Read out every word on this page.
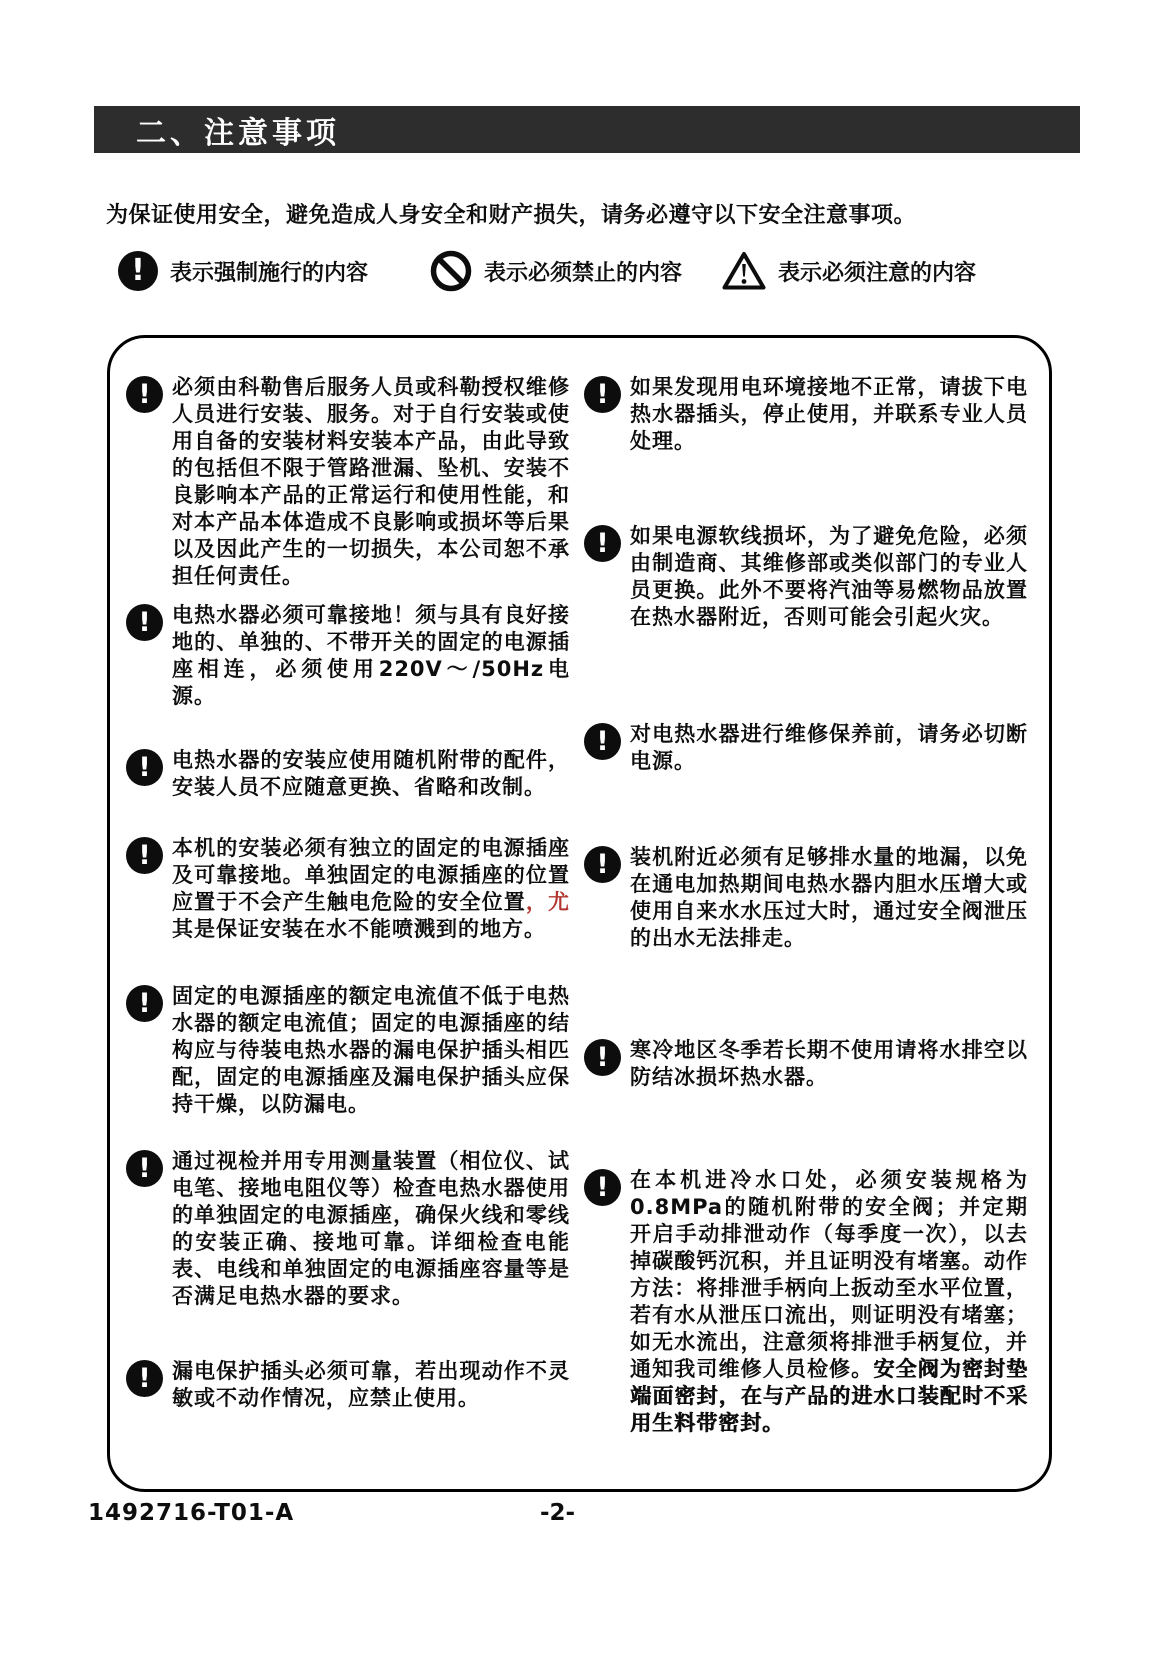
二、注意事项

为保证使用安全，避免造成人身安全和财产损失，请务必遵守以下安全注意事项。

!	表示强制施行的内容	表示必须禁止的内容	表示必须注意的内容
!	必须由科勒售后服务人员或科勒授权维修人员进行安装、服务。对于自行安装或使用自备的安装材料安装本产品，由此导致的包括但不限于管路泄漏、坠机、安装不良影响本产品的正常运行和使用性能，和对本产品本体造成不良影响或损坏等后果以及因此产生的一切损失，本公司恕不承担任何责任。

!	电热水器必须可靠接地！须与具有良好接地的、单独的、不带开关的固定的电源插座相连，必须使用220V～/50Hz电源。

!	电热水器的安装应使用随机附带的配件，安装人员不应随意更换、省略和改制。

!	本机的安装必须有独立的固定的电源插座及可靠接地。单独固定的电源插座的位置应置于不会产生触电危险的安全位置，尤其是保证安装在水不能喷溅到的地方。

!	固定的电源插座的额定电流值不低于电热水器的额定电流值；固定的电源插座的结构应与待装电热水器的漏电保护插头相匹配，固定的电源插座及漏电保护插头应保持干燥，以防漏电。

!	通过视检并用专用测量装置（相位仪、试电笔、接地电阻仪等）检查电热水器使用的单独固定的电源插座，确保火线和零线的安装正确、接地可靠。详细检查电能表、电线和单独固定的电源插座容量等是否满足电热水器的要求。

!	漏电保护插头必须可靠，若出现动作不灵敏或不动作情况，应禁止使用。

!	如果发现用电环境接地不正常，请拔下电热水器插头，停止使用，并联系专业人员处理。

!	如果电源软线损坏，为了避免危险，必须由制造商、其维修部或类似部门的专业人员更换。此外不要将汽油等易燃物品放置在热水器附近，否则可能会引起火灾。

!	对电热水器进行维修保养前，请务必切断电源。

!	装机附近必须有足够排水量的地漏，以免在通电加热期间电热水器内胆水压增大或使用自来水水压过大时，通过安全阀泄压的出水无法排走。

!	寒冷地区冬季若长期不使用请将水排空以防结冰损坏热水器。

!	在本机进冷水口处，必须安装规格为0.8MPa的随机附带的安全阀；并定期开启手动排泄动作（每季度一次），以去掉碳酸钙沉积，并且证明没有堵塞。动作方法：将排泄手柄向上扳动至水平位置，若有水从泄压口流出，则证明没有堵塞；如无水流出，注意须将排泄手柄复位，并通知我司维修人员检修。安全阀为密封垫端面密封，在与产品的进水口装配时不采用生料带密封。

1492716-T01-A	-2-
